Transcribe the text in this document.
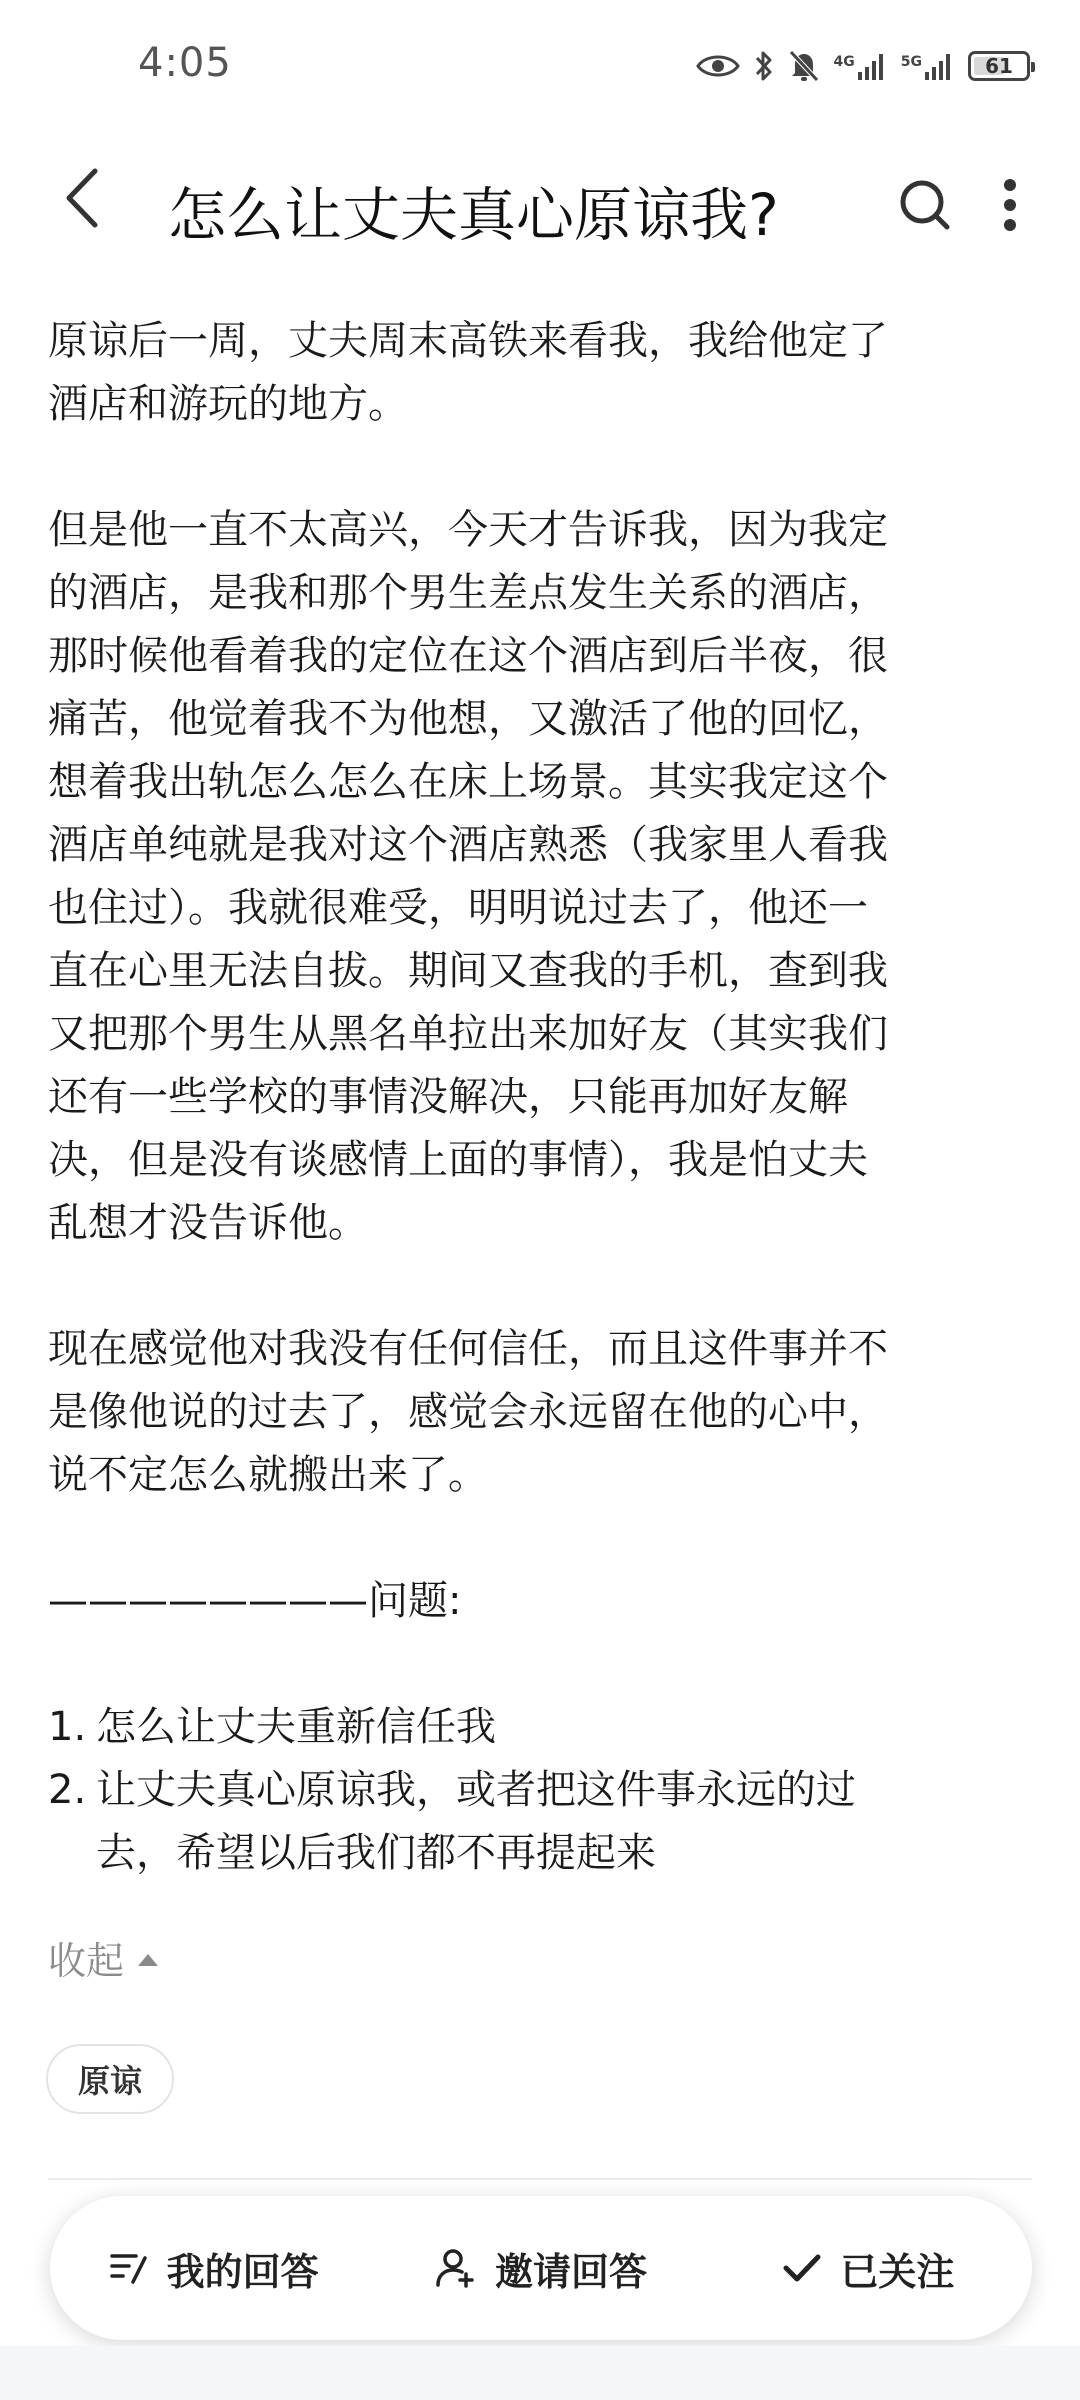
4:05	4G	5G	61
怎么让丈夫真心原谅我?

原谅后一周，丈夫周末高铁来看我，我给他定了
酒店和游玩的地方。

但是他一直不太高兴，今天才告诉我，因为我定
的酒店，是我和那个男生差点发生关系的酒店，
那时候他看着我的定位在这个酒店到后半夜，很
痛苦，他觉着我不为他想，又激活了他的回忆，
想着我出轨怎么怎么在床上场景。其实我定这个
酒店单纯就是我对这个酒店熟悉（我家里人看我
也住过）。我就很难受，明明说过去了，他还一
直在心里无法自拔。期间又查我的手机，查到我
又把那个男生从黑名单拉出来加好友（其实我们
还有一些学校的事情没解决，只能再加好友解
决，但是没有谈感情上面的事情），我是怕丈夫
乱想才没告诉他。

现在感觉他对我没有任何信任，而且这件事并不
是像他说的过去了，感觉会永远留在他的心中，
说不定怎么就搬出来了。

————————问题:

1. 怎么让丈夫重新信任我
2. 让丈夫真心原谅我，或者把这件事永远的过
去，希望以后我们都不再提起来
收起
原谅
我的回答	邀请回答	已关注
